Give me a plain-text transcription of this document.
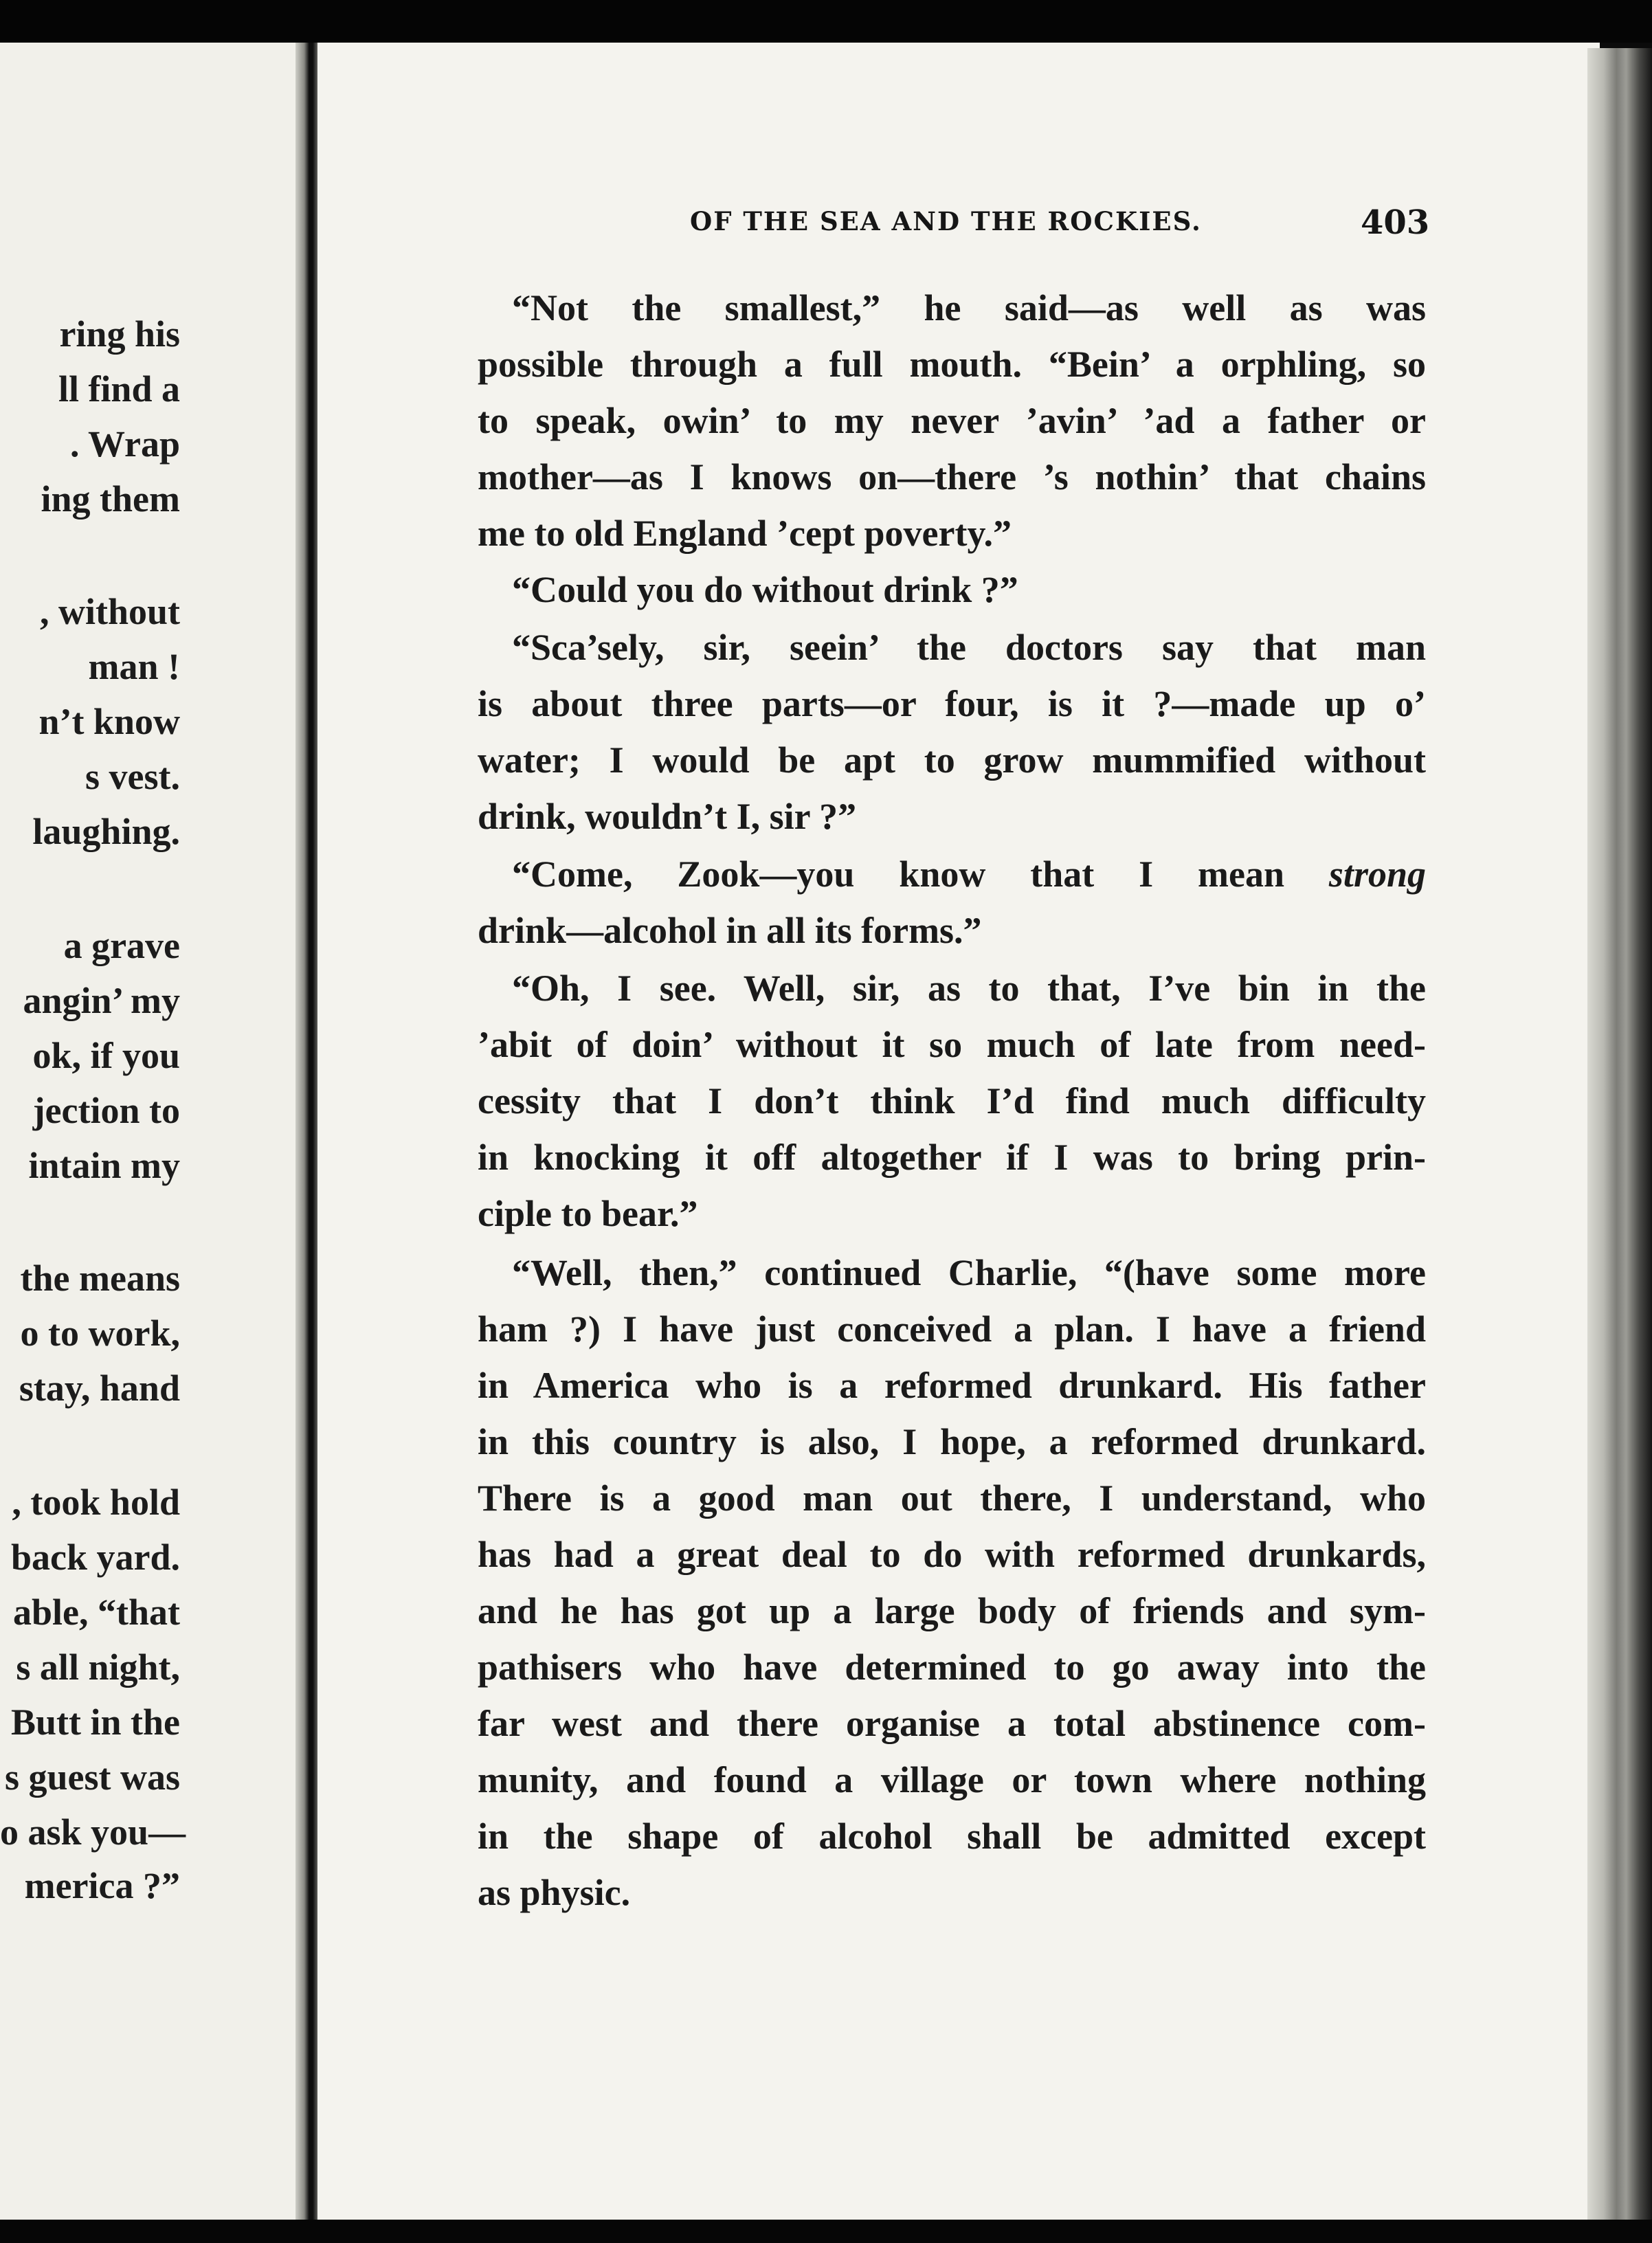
ring his
ll find a
. Wrap
ing them
, without
man !
n’t know
s vest.
laughing.
a grave
angin’ my
ok, if you
jection to
intain my
the means
o to work,
stay, hand
, took hold
back yard.
able, “that
s all night,
Butt in the
s guest was
o ask you—
merica ?”
OF THE SEA AND THE ROCKIES.	403
“Not the smallest,” he said—as well as was
possible through a full mouth. “Bein’ a orphling, so
to speak, owin’ to my never ’avin’ ’ad a father or
mother—as I knows on—there ’s nothin’ that chains
me to old England ’cept poverty.”
“Could you do without drink ?”
“Sca’sely, sir, seein’ the doctors say that man
is about three parts—or four, is it ?—made up o’
water; I would be apt to grow mummified without
drink, wouldn’t I, sir ?”
“Come, Zook—you know that I mean strong
drink—alcohol in all its forms.”
“Oh, I see. Well, sir, as to that, I’ve bin in the
’abit of doin’ without it so much of late from need-
cessity that I don’t think I’d find much difficulty
in knocking it off altogether if I was to bring prin-
ciple to bear.”
“Well, then,” continued Charlie, “(have some more
ham ?) I have just conceived a plan. I have a friend
in America who is a reformed drunkard. His father
in this country is also, I hope, a reformed drunkard.
There is a good man out there, I understand, who
has had a great deal to do with reformed drunkards,
and he has got up a large body of friends and sym-
pathisers who have determined to go away into the
far west and there organise a total abstinence com-
munity, and found a village or town where nothing
in the shape of alcohol shall be admitted except
as physic.
